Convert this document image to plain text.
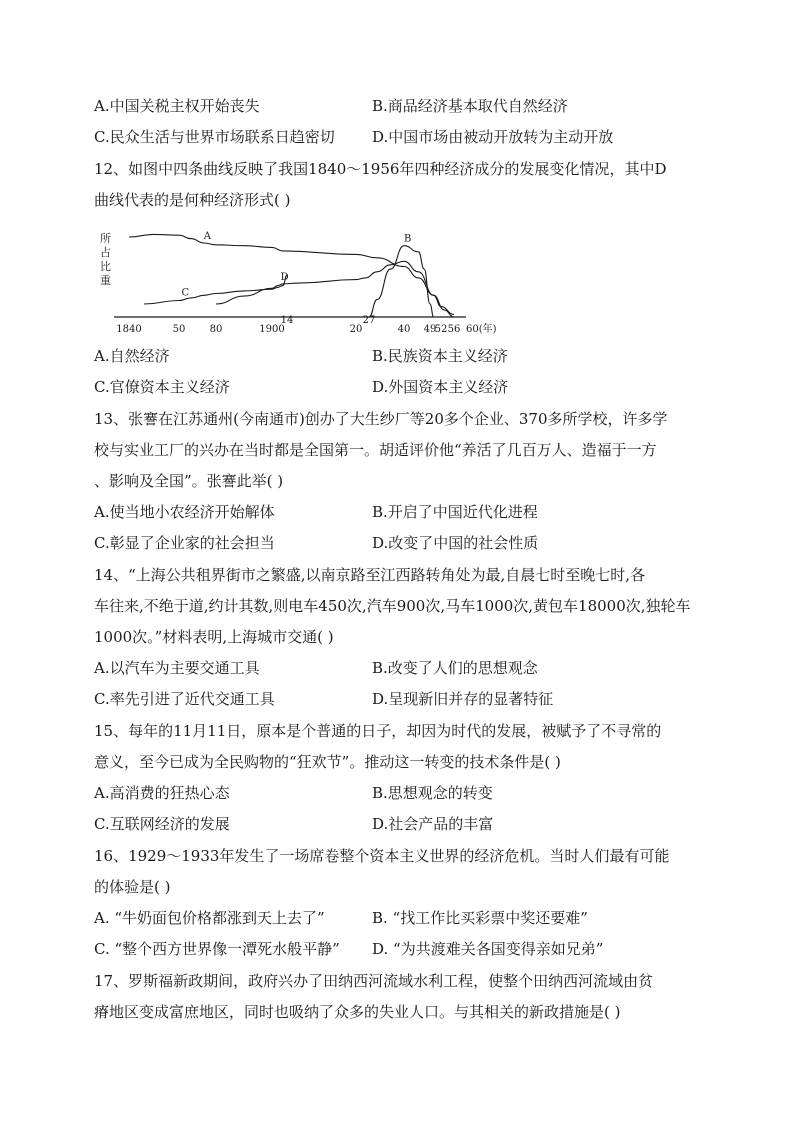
A.中国关税主权开始丧失	B.商品经济基本取代自然经济
C.民众生活与世界市场联系日趋密切 D.中国市场由被动开放转为主动开放
12、如图中四条曲线反映了我国1840～1956年四种经济成分的发展变化情况，其中D
曲线代表的是何种经济形式( )
所
占
比
重
A	B
C
D
1840	50 80	1900
14
20
27
40 49
52 56 60(年)
A.自然经济	B.民族资本主义经济
C.官僚资本主义经济	D.外国资本主义经济
13、张謇在江苏通州(今南通市)创办了大生纱厂等20多个企业、370多所学校，许多学
校与实业工厂的兴办在当时都是全国第一。胡适评价他“养活了几百万人、造福于一方
、影响及全国”。张謇此举( )
A.使当地小农经济开始解体	B.开启了中国近代化进程
C.彰显了企业家的社会担当	D.改变了中国的社会性质
14、“上海公共租界街市之繁盛,以南京路至江西路转角处为最,自晨七时至晚七时,各
车往来,不绝于道,约计其数,则电车450次,汽车900次,马车1000次,黄包车18000次,独轮车
1000次。”材料表明,上海城市交通( )
A.以汽车为主要交通工具	B.改变了人们的思想观念
C.率先引进了近代交通工具	D.呈现新旧并存的显著特征
15、每年的11月11日，原本是个普通的日子，却因为时代的发展，被赋予了不寻常的
意义，至今已成为全民购物的“狂欢节”。推动这一转变的技术条件是( )
A.高消费的狂热心态	B.思想观念的转变
C.互联网经济的发展	D.社会产品的丰富
16、1929～1933年发生了一场席卷整个资本主义世界的经济危机。当时人们最有可能
的体验是( )
A. “牛奶面包价格都涨到天上去了”	B. “找工作比买彩票中奖还要难”
C. “整个西方世界像一潭死水般平静” D. “为共渡难关各国变得亲如兄弟”
17、罗斯福新政期间，政府兴办了田纳西河流域水利工程，使整个田纳西河流域由贫
瘠地区变成富庶地区，同时也吸纳了众多的失业人口。与其相关的新政措施是( )
